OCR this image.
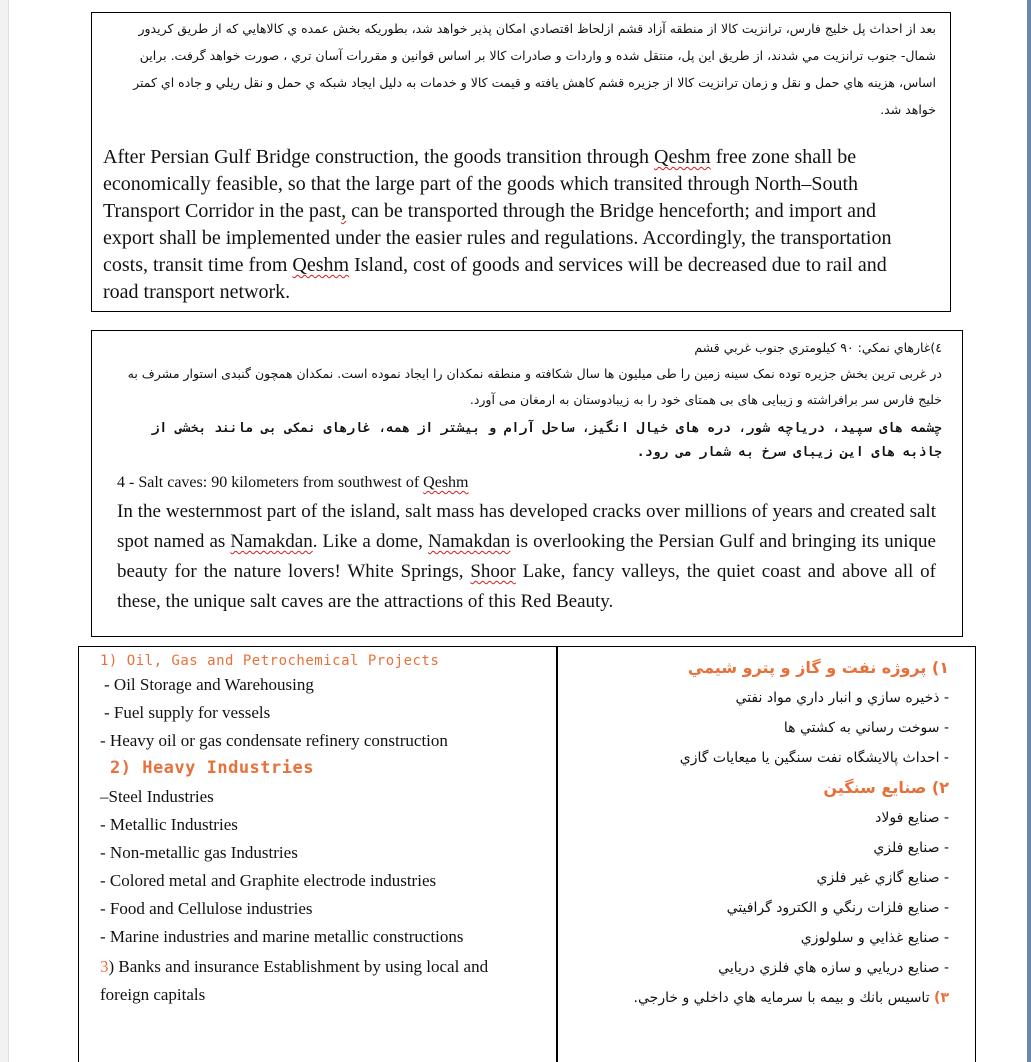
بعد از احداث پل خليج فارس، ترانزيت كالا از منطقه آزاد قشم ازلحاظ اقتصادي امكان پذير خواهد شد، بطوريكه بخش عمده ي كالاهايي كه از طريق كريدور شمال- جنوب ترانزيت مي شدند، از طريق اين پل، منتقل شده و واردات و صادرات كالا بر اساس قوانين و مقررات آسان تري ، صورت خواهد گرفت. براين اساس، هزينه هاي حمل و نقل و زمان ترانزيت كالا از جزيره قشم كاهش يافته و قيمت كالا و خدمات به دليل ايجاد شبكه ي حمل و نقل ريلي و جاده اي كمتر خواهد شد.
After Persian Gulf Bridge construction, the goods transition through Qeshm free zone shall be economically feasible, so that the large part of the goods which transited through North–South Transport Corridor in the past, can be transported through the Bridge henceforth; and import and export shall be implemented under the easier rules and regulations. Accordingly, the transportation costs, transit time from Qeshm Island, cost of goods and services will be decreased due to rail and road transport network.
٤)غارهاي نمكي: ٩٠ كيلومتري جنوب غربي قشم
در غربی ترین بخش جزیره توده نمک سینه زمین را طی میلیون ها سال شکافته و منطقه نمکدان را ایجاد نموده است. نمکدان همچون گنبدی استوار مشرف به خلیج فارس سر برافراشته و زیبایی های بی همتای خود را به زیبادوستان به ارمغان می آورد.
چشمه های سپید، دریاچه شور، دره های خیال انگیز، ساحل آرام و بیشتر از همه، غارهای نمکی بی مانند بخشی از جاذبه های این زیبای سرخ به شمار می رود.
4 - Salt caves: 90 kilometers from southwest of Qeshm
In the westernmost part of the island, salt mass has developed cracks over millions of years and created salt spot named as Namakdan. Like a dome, Namakdan is overlooking the Persian Gulf and bringing its unique beauty for the nature lovers! White Springs, Shoor Lake, fancy valleys, the quiet coast and above all of these, the unique salt caves are the attractions of this Red Beauty.
1) Oil, Gas and Petrochemical Projects
- Oil Storage and Warehousing
- Fuel supply for vessels
- Heavy oil or gas condensate refinery construction
2) Heavy Industries
–Steel Industries
- Metallic Industries
- Non-metallic gas Industries
- Colored metal and Graphite electrode industries
- Food and Cellulose industries
- Marine industries and marine metallic constructions
3) Banks and insurance Establishment by using local and foreign capitals
١) پروژه نفت و گاز و پترو شيمي
- ذخيره سازي و انبار داري مواد نفتي
- سوخت رساني به كشتي ها
- احداث پالايشگاه نفت سنگين يا ميعايات گازي
٢) صنايع سنگين
- صنايع فولاد
- صنايع فلزي
- صنايع گازي غير فلزي
- صنايع فلزات رنگي و الكترود گرافيتي
- صنايع غذايي و سلولوزي
- صنايع دريايي و سازه هاي فلزي دريايي
٣) تاسيس بانك و بيمه با سرمايه هاي داخلي و خارجي.
